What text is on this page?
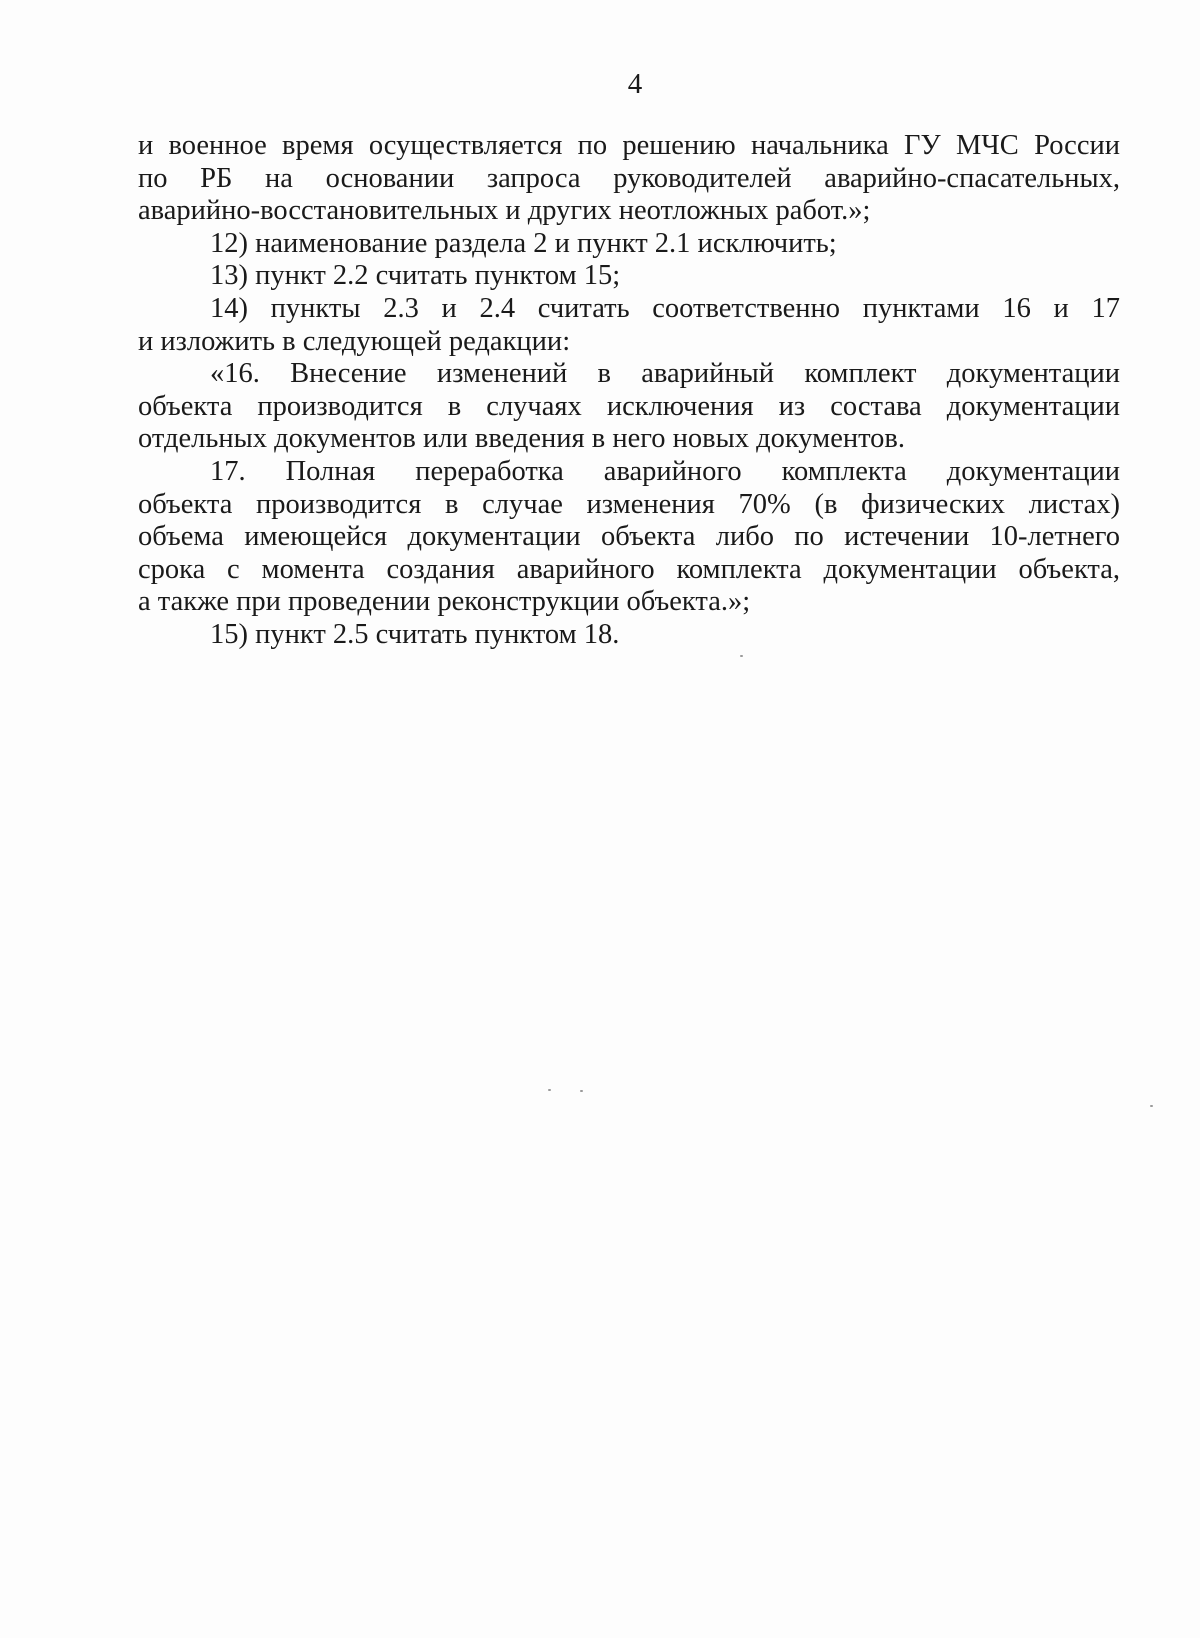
4
и военное время осуществляется по решению начальника ГУ МЧС России
по РБ на основании запроса руководителей аварийно-спасательных,
аварийно-восстановительных и других неотложных работ.»;
12) наименование раздела 2 и пункт 2.1 исключить;
13) пункт 2.2 считать пунктом 15;
14) пункты 2.3 и 2.4 считать соответственно пунктами 16 и 17
и изложить в следующей редакции:
«16. Внесение изменений в аварийный комплект документации
объекта производится в случаях исключения из состава документации
отдельных документов или введения в него новых документов.
17. Полная переработка аварийного комплекта документации
объекта производится в случае изменения 70% (в физических листах)
объема имеющейся документации объекта либо по истечении 10-летнего
срока с момента создания аварийного комплекта документации объекта,
а также при проведении реконструкции объекта.»;
15) пункт 2.5 считать пунктом 18.
